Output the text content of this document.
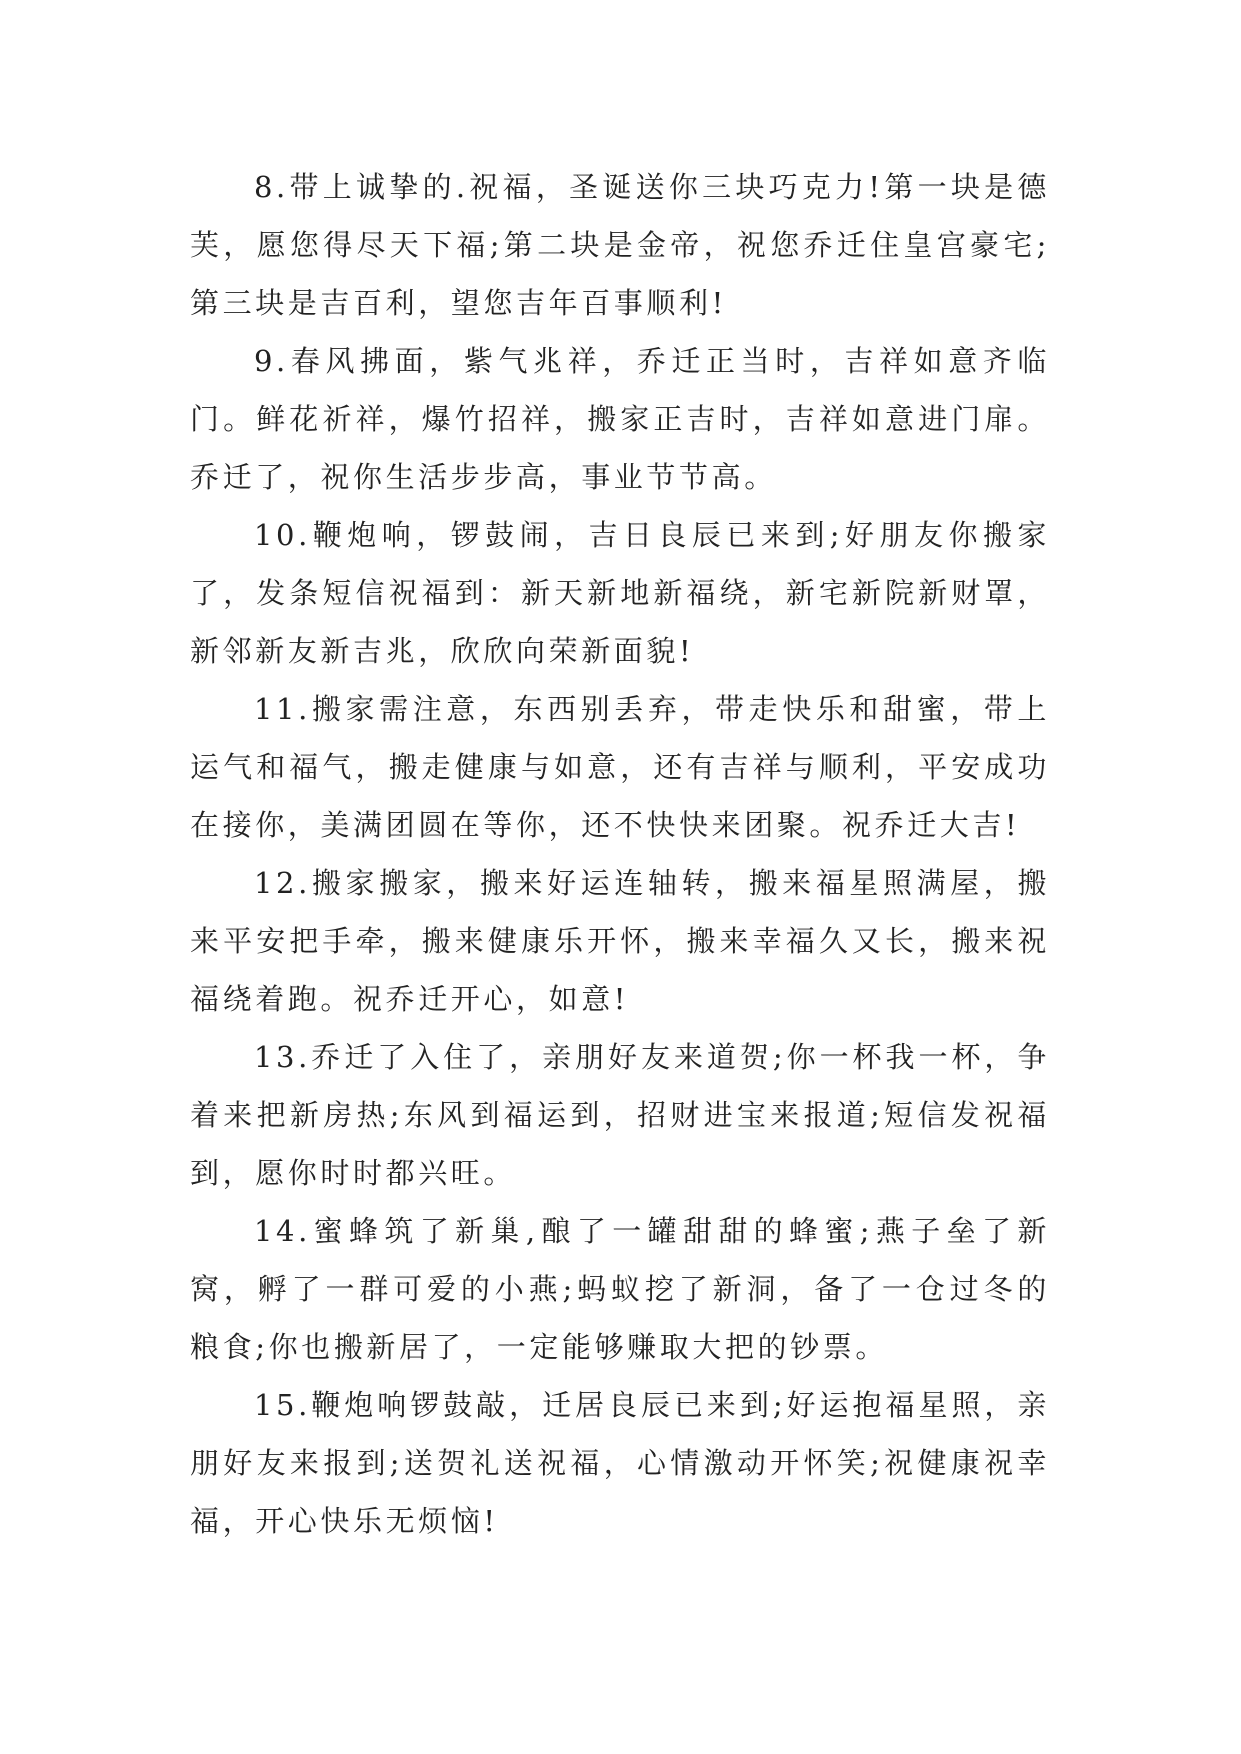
8.带上诚挚的.祝福，圣诞送你三块巧克力!第一块是德芙，愿您得尽天下福;第二块是金帝，祝您乔迁住皇宫豪宅;第三块是吉百利，望您吉年百事顺利!

9.春风拂面，紫气兆祥，乔迁正当时，吉祥如意齐临门。鲜花祈祥，爆竹招祥，搬家正吉时，吉祥如意进门扉。乔迁了，祝你生活步步高，事业节节高。

10.鞭炮响，锣鼓闹，吉日良辰已来到;好朋友你搬家了，发条短信祝福到：新天新地新福绕，新宅新院新财罩，新邻新友新吉兆，欣欣向荣新面貌!

11.搬家需注意，东西别丢弃，带走快乐和甜蜜，带上运气和福气，搬走健康与如意，还有吉祥与顺利，平安成功在接你，美满团圆在等你，还不快快来团聚。祝乔迁大吉!

12.搬家搬家，搬来好运连轴转，搬来福星照满屋，搬来平安把手牵，搬来健康乐开怀，搬来幸福久又长，搬来祝福绕着跑。祝乔迁开心，如意!

13.乔迁了入住了，亲朋好友来道贺;你一杯我一杯，争着来把新房热;东风到福运到，招财进宝来报道;短信发祝福到，愿你时时都兴旺。

14.蜜蜂筑了新巢,酿了一罐甜甜的蜂蜜;燕子垒了新窝，孵了一群可爱的小燕;蚂蚁挖了新洞，备了一仓过冬的粮食;你也搬新居了，一定能够赚取大把的钞票。

15.鞭炮响锣鼓敲，迁居良辰已来到;好运抱福星照，亲朋好友来报到;送贺礼送祝福，心情激动开怀笑;祝健康祝幸福，开心快乐无烦恼!
